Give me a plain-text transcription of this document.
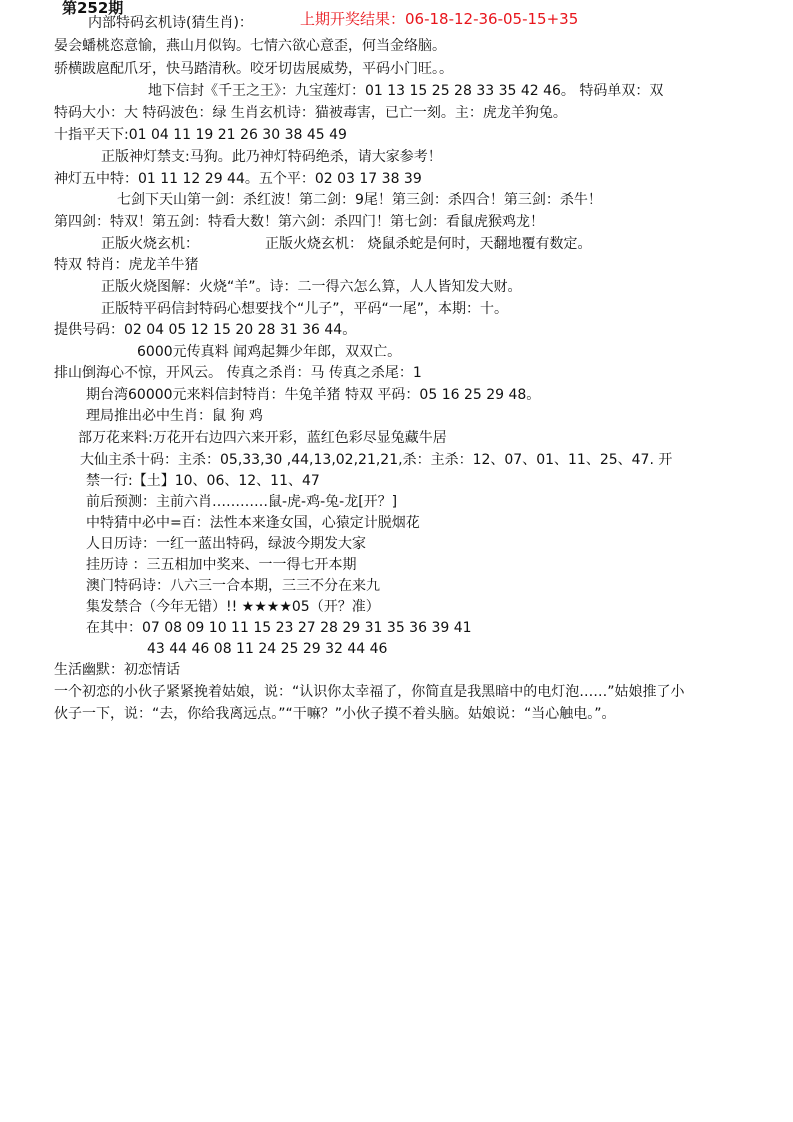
第252期
上期开奖结果：06-18-12-36-05-15+35
内部特码玄机诗(猜生肖)：
晏会蟠桃恣意愉，燕山月似钩。七情六欲心意歪，何当金络脑。
骄横跋扈配爪牙，快马踏清秋。咬牙切齿展威势，平码小门旺。。
地下信封《千王之王》：九宝莲灯：01 13 15 25 28 33 35 42 46。 特码单双：双
特码大小：大 特码波色：绿 生肖玄机诗：猫被毒害，已亡一刻。主：虎龙羊狗兔。
十指平天下:01 04 11 19 21 26 30 38 45 49
正版神灯禁支:马狗。此乃神灯特码绝杀，请大家参考！
神灯五中特：01 11 12 29 44。五个平：02 03 17 38 39
七剑下天山第一剑：杀红波！第二剑：9尾！第三剑：杀四合！第三剑：杀牛！
第四剑：特双！第五剑：特看大数！第六剑：杀四门！第七剑：看鼠虎猴鸡龙！
正版火烧玄机：	正版火烧玄机： 烧鼠杀蛇是何时，天翻地覆有数定。
特双 特肖：虎龙羊牛猪
正版火烧图解：火烧“羊”。诗：二一得六怎么算，人人皆知发大财。
正版特平码信封特码心想要找个“儿子”，平码“一尾”，本期：十。
提供号码：02 04 05 12 15 20 28 31 36 44。
6000元传真料 闻鸡起舞少年郎，双双亡。
排山倒海心不惊，开风云。 传真之杀肖：马 传真之杀尾：1
期台湾60000元来料信封特肖：牛兔羊猪 特双 平码：05 16 25 29 48。
理局推出必中生肖：鼠 狗 鸡
部万花来料:万花开右边四六来开彩，蓝红色彩尽显兔藏牛居
大仙主杀十码：主杀：05,33,30 ,44,13,02,21,21,杀：主杀：12、07、01、11、25、47. 开
禁一行:【土】10、06、12、11、47
前后预测：主前六肖…………鼠-虎-鸡-兔-龙[开？]
中特猜中必中=百：法性本来逢女国，心猿定计脱烟花
人日历诗：一红一蓝出特码，绿波今期发大家
挂历诗 ：三五相加中奖来、一一得七开本期
澳门特码诗：八六三一合本期，三三不分在来九
集发禁合（今年无错）!! ★★★★05（开？准）
在其中：07 08 09 10 11 15 23 27 28 29 31 35 36 39 41
43 44 46 08 11 24 25 29 32 44 46
生活幽默：初恋情话
一个初恋的小伙子紧紧挽着姑娘，说：“认识你太幸福了，你简直是我黑暗中的电灯泡……”姑娘推了小
伙子一下，说：“去，你给我离远点。”“干嘛？”小伙子摸不着头脑。姑娘说：“当心触电。”。
